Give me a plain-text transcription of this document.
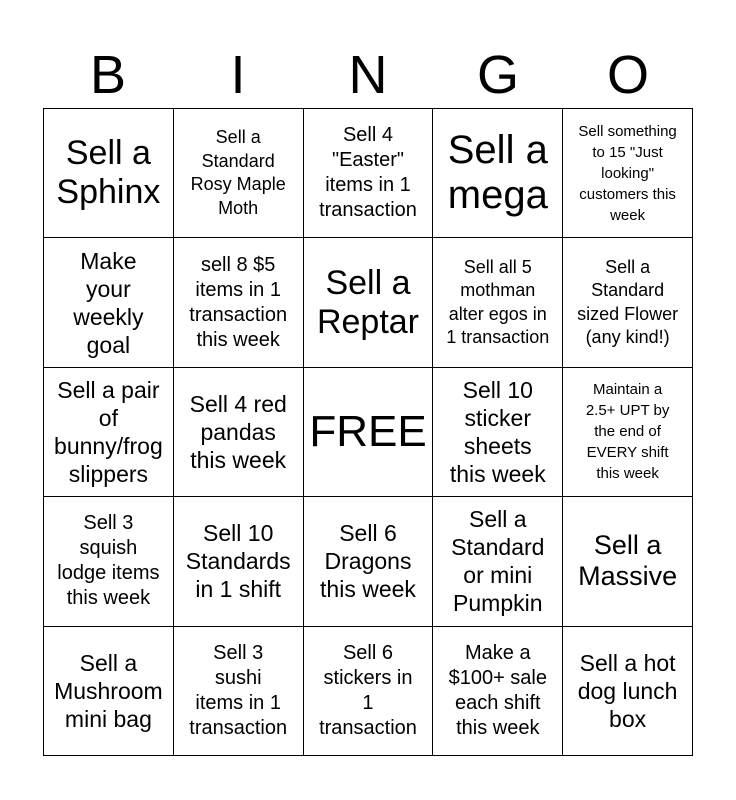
B	I	N	G	O
Sell a
Sphinx
Sell a
Standard
Rosy Maple
Moth
Sell 4
"Easter"
items in 1
transaction
Sell a
mega
Sell something
to 15 "Just
looking"
customers this
week
Make
your
weekly
goal
sell 8 $5
items in 1
transaction
this week
Sell a
Reptar
Sell all 5
mothman
alter egos in
1 transaction
Sell a
Standard
sized Flower
(any kind!)
Sell a pair
of
bunny/frog
slippers
Sell 4 red
pandas
this week
FREE
Sell 10
sticker
sheets
this week
Maintain a
2.5+ UPT by
the end of
EVERY shift
this week
Sell 3
squish
lodge items
this week
Sell 10
Standards
in 1 shift
Sell 6
Dragons
this week
Sell a
Standard
or mini
Pumpkin
Sell a
Massive
Sell a
Mushroom
mini bag
Sell 3
sushi
items in 1
transaction
Sell 6
stickers in
1
transaction
Make a
$100+ sale
each shift
this week
Sell a hot
dog lunch
box
